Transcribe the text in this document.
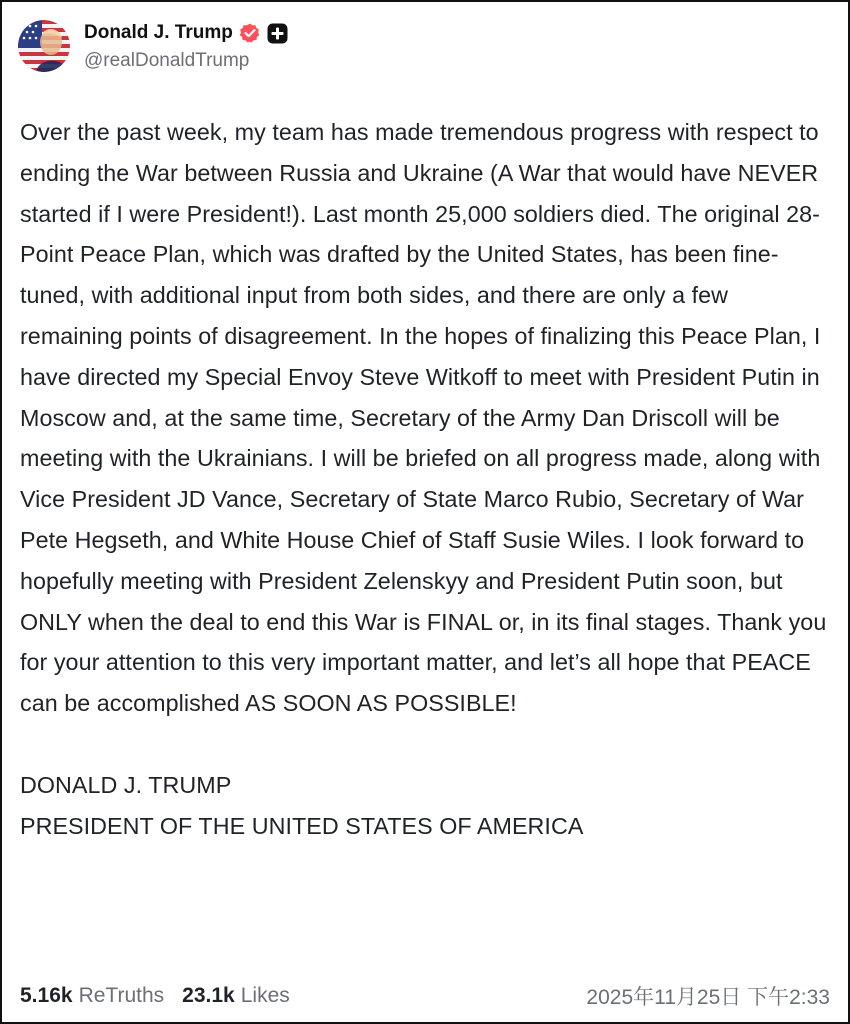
Donald J. Trump
@realDonaldTrump
Over the past week, my team has made tremendous progress with respect to ending the War between Russia and Ukraine (A War that would have NEVER started if I were President!). Last month 25,000 soldiers died. The original 28-Point Peace Plan, which was drafted by the United States, has been fine-tuned, with additional input from both sides, and there are only a few remaining points of disagreement. In the hopes of finalizing this Peace Plan, I have directed my Special Envoy Steve Witkoff to meet with President Putin in Moscow and, at the same time, Secretary of the Army Dan Driscoll will be meeting with the Ukrainians. I will be briefed on all progress made, along with Vice President JD Vance, Secretary of State Marco Rubio, Secretary of War Pete Hegseth, and White House Chief of Staff Susie Wiles. I look forward to hopefully meeting with President Zelenskyy and President Putin soon, but ONLY when the deal to end this War is FINAL or, in its final stages. Thank you for your attention to this very important matter, and let’s all hope that PEACE can be accomplished AS SOON AS POSSIBLE!

DONALD J. TRUMP
PRESIDENT OF THE UNITED STATES OF AMERICA
5.16k ReTruths 23.1k Likes	2025年11月25日 下午2:33
